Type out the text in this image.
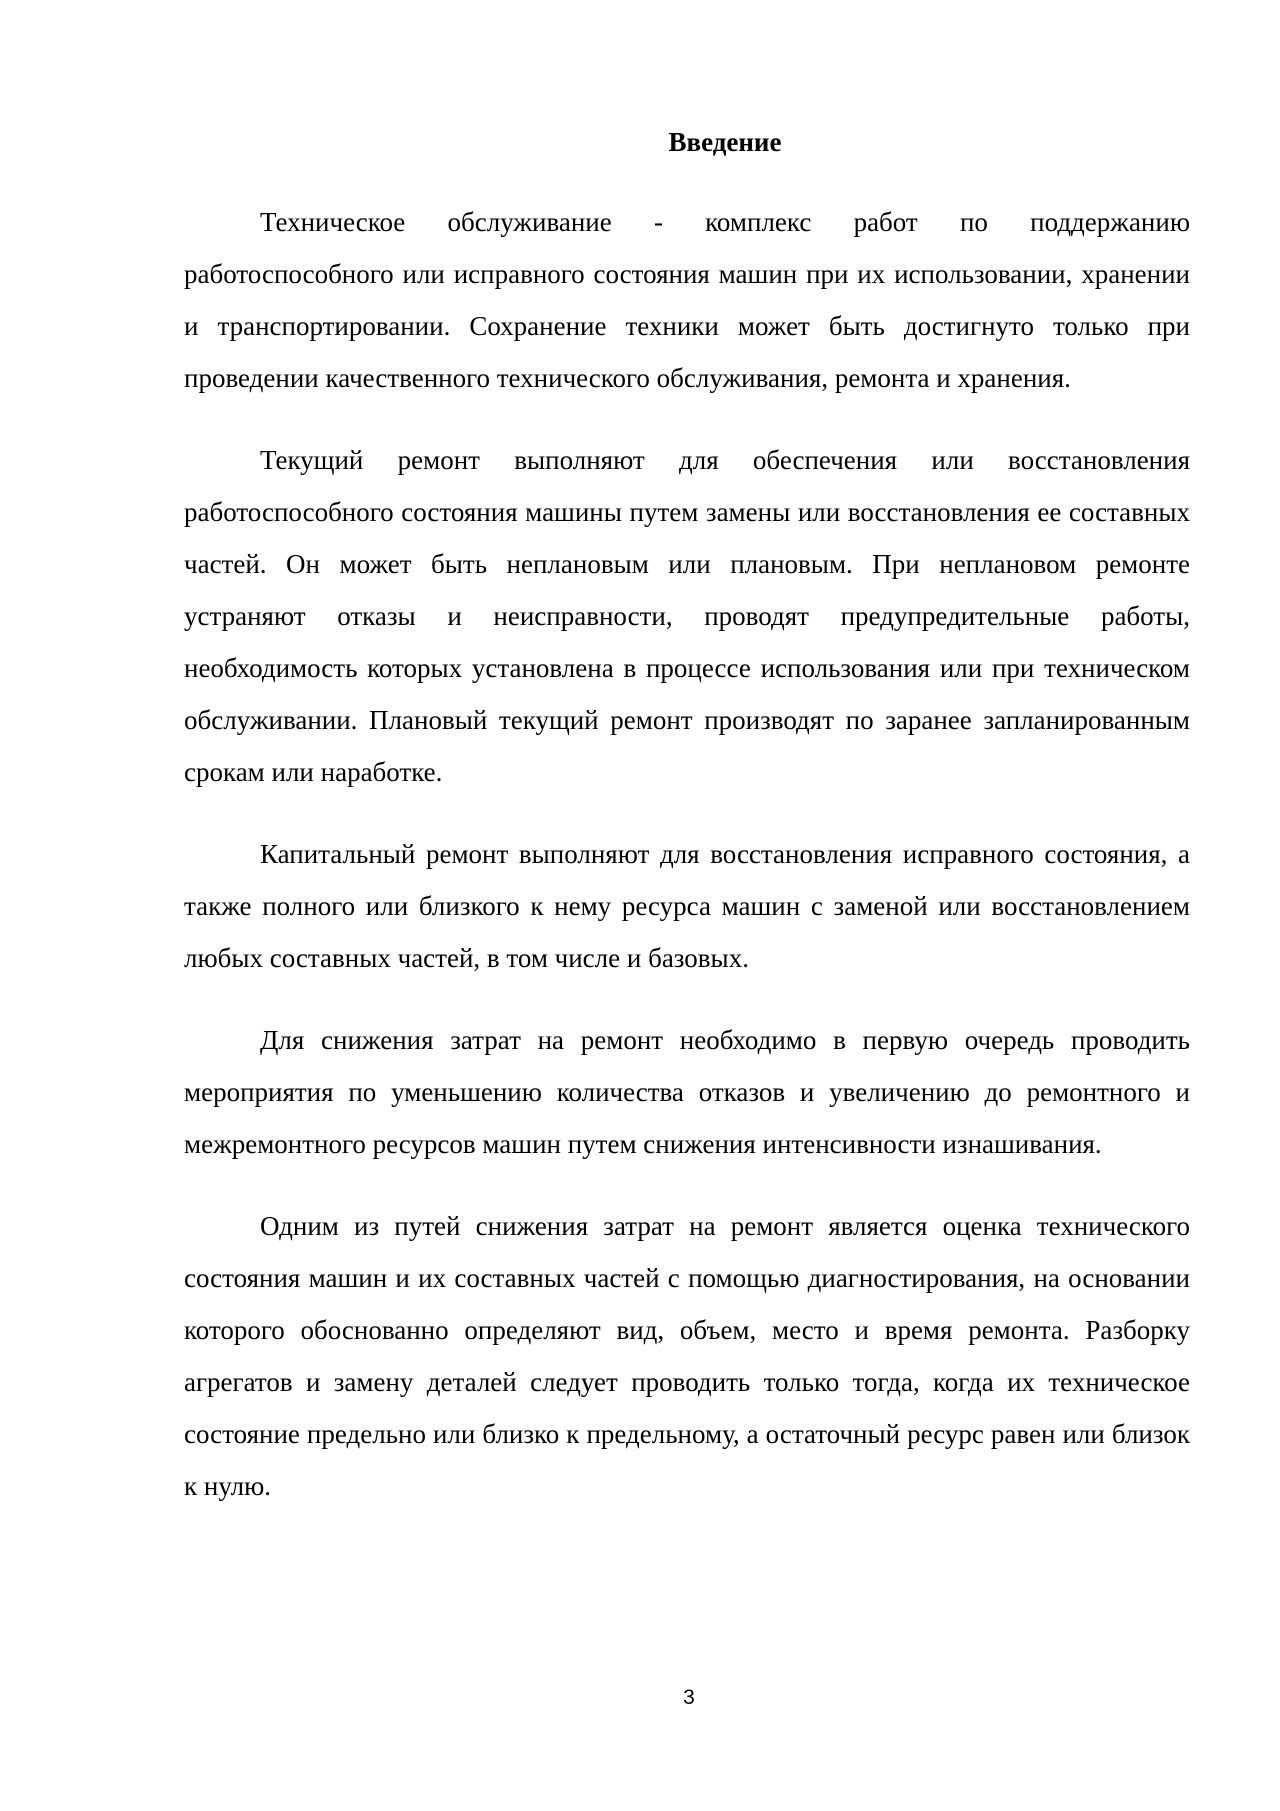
Введение

Техническое обслуживание - комплекс работ по поддержанию работоспособного или исправного состояния машин при их использовании, хранении и транспортировании. Сохранение техники может быть достигнуто только при проведении качественного технического обслуживания, ремонта и хранения.

Текущий ремонт выполняют для обеспечения или восстановления работоспособного состояния машины путем замены или восстановления ее составных частей. Он может быть неплановым или плановым. При неплановом ремонте устраняют отказы и неисправности, проводят предупредительные работы, необходимость которых установлена в процессе использования или при техническом обслуживании. Плановый текущий ремонт производят по заранее запланированным срокам или наработке.

Капитальный ремонт выполняют для восстановления исправного состояния, а также полного или близкого к нему ресурса машин с заменой или восстановлением любых составных частей, в том числе и базовых.

Для снижения затрат на ремонт необходимо в первую очередь проводить мероприятия по уменьшению количества отказов и увеличению до ремонтного и межремонтного ресурсов машин путем снижения интенсивности изнашивания.

Одним из путей снижения затрат на ремонт является оценка технического состояния машин и их составных частей с помощью диагностирования, на основании которого обоснованно определяют вид, объем, место и время ремонта. Разборку агрегатов и замену деталей следует проводить только тогда, когда их техническое состояние предельно или близко к предельному, а остаточный ресурс равен или близок к нулю.

3
